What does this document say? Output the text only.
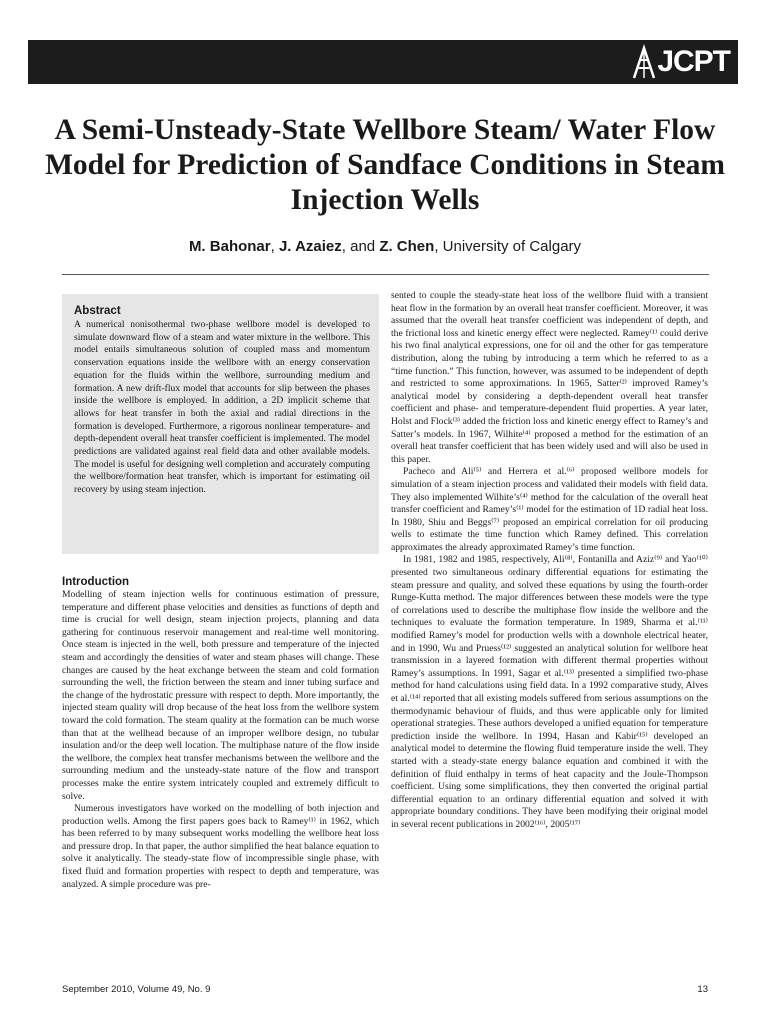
JCPT
A Semi-Unsteady-State Wellbore Steam/ Water Flow Model for Prediction of Sandface Conditions in Steam Injection Wells
M. Bahonar, J. Azaiez, and Z. Chen, University of Calgary
Abstract
A numerical nonisothermal two-phase wellbore model is developed to simulate downward flow of a steam and water mixture in the wellbore. This model entails simultaneous solution of coupled mass and momentum conservation equations inside the wellbore with an energy conservation equation for the fluids within the wellbore, surrounding medium and formation. A new drift-flux model that accounts for slip between the phases inside the wellbore is employed. In addition, a 2D implicit scheme that allows for heat transfer in both the axial and radial directions in the formation is developed. Furthermore, a rigorous nonlinear temperature- and depth-dependent overall heat transfer coefficient is implemented. The model predictions are validated against real field data and other available models. The model is useful for designing well completion and accurately computing the wellbore/formation heat transfer, which is important for estimating oil recovery by using steam injection.
Introduction

Modelling of steam injection wells for continuous estimation of pressure, temperature and different phase velocities and densities as functions of depth and time is crucial for well design, steam injection projects, planning and data gathering for continuous reservoir management and real-time well monitoring. Once steam is injected in the well, both pressure and temperature of the injected steam and accordingly the densities of water and steam phases will change. These changes are caused by the heat exchange between the steam and cold formation surrounding the well, the friction between the steam and inner tubing surface and the change of the hydrostatic pressure with respect to depth. More importantly, the injected steam quality will drop because of the heat loss from the wellbore system toward the cold formation. The steam quality at the formation can be much worse than that at the wellhead because of an improper wellbore design, no tubular insulation and/or the deep well location. The multiphase nature of the flow inside the wellbore, the complex heat transfer mechanisms between the wellbore and the surrounding medium and the unsteady-state nature of the flow and transport processes make the entire system intricately coupled and extremely difficult to solve.

Numerous investigators have worked on the modelling of both injection and production wells. Among the first papers goes back to Ramey⁽¹⁾ in 1962, which has been referred to by many subsequent works modelling the wellbore heat loss and pressure drop. In that paper, the author simplified the heat balance equation to solve it analytically. The steady-state flow of incompressible single phase, with fixed fluid and formation properties with respect to depth and temperature, was analyzed. A simple procedure was pre-

sented to couple the steady-state heat loss of the wellbore fluid with a transient heat flow in the formation by an overall heat transfer coefficient. Moreover, it was assumed that the overall heat transfer coefficient was independent of depth, and the frictional loss and kinetic energy effect were neglected. Ramey⁽¹⁾ could derive his two final analytical expressions, one for oil and the other for gas temperature distribution, along the tubing by introducing a term which he referred to as a “time function.” This function, however, was assumed to be independent of depth and restricted to some approximations. In 1965, Satter⁽²⁾ improved Ramey’s analytical model by considering a depth-dependent overall heat transfer coefficient and phase- and temperature-dependent fluid properties. A year later, Holst and Flock⁽³⁾ added the friction loss and kinetic energy effect to Ramey’s and Satter’s models. In 1967, Wilhite⁽⁴⁾ proposed a method for the estimation of an overall heat transfer coefficient that has been widely used and will also be used in this paper.

Pacheco and Ali⁽⁵⁾ and Herrera et al.⁽⁶⁾ proposed wellbore models for simulation of a steam injection process and validated their models with field data. They also implemented Wilhite’s⁽⁴⁾ method for the calculation of the overall heat transfer coefficient and Ramey’s⁽¹⁾ model for the estimation of 1D radial heat loss. In 1980, Shiu and Beggs⁽⁷⁾ proposed an empirical correlation for oil producing wells to estimate the time function which Ramey defined. This correlation approximates the already approximated Ramey’s time function.

In 1981, 1982 and 1985, respectively, Ali⁽⁸⁾, Fontanilla and Aziz⁽⁹⁾ and Yao⁽¹⁰⁾ presented two simultaneous ordinary differential equations for estimating the steam pressure and quality, and solved these equations by using the fourth-order Runge-Kutta method. The major differences between these models were the type of correlations used to describe the multiphase flow inside the wellbore and the techniques to evaluate the formation temperature. In 1989, Sharma et al.⁽¹¹⁾ modified Ramey’s model for production wells with a downhole electrical heater, and in 1990, Wu and Pruess⁽¹²⁾ suggested an analytical solution for wellbore heat transmission in a layered formation with different thermal properties without Ramey’s assumptions. In 1991, Sagar et al.⁽¹³⁾ presented a simplified two-phase method for hand calculations using field data. In a 1992 comparative study, Alves et al.⁽¹⁴⁾ reported that all existing models suffered from serious assumptions on the thermodynamic behaviour of fluids, and thus were applicable only for limited operational strategies. These authors developed a unified equation for temperature prediction inside the wellbore. In 1994, Hasan and Kabir⁽¹⁵⁾ developed an analytical model to determine the flowing fluid temperature inside the well. They started with a steady-state energy balance equation and combined it with the definition of fluid enthalpy in terms of heat capacity and the Joule-Thompson coefficient. Using some simplifications, they then converted the original partial differential equation to an ordinary differential equation and solved it with appropriate boundary conditions. They have been modifying their original model in several recent publications in 2002⁽¹⁶⁾, 2005⁽¹⁷⁾

September 2010, Volume 49, No. 9	13
